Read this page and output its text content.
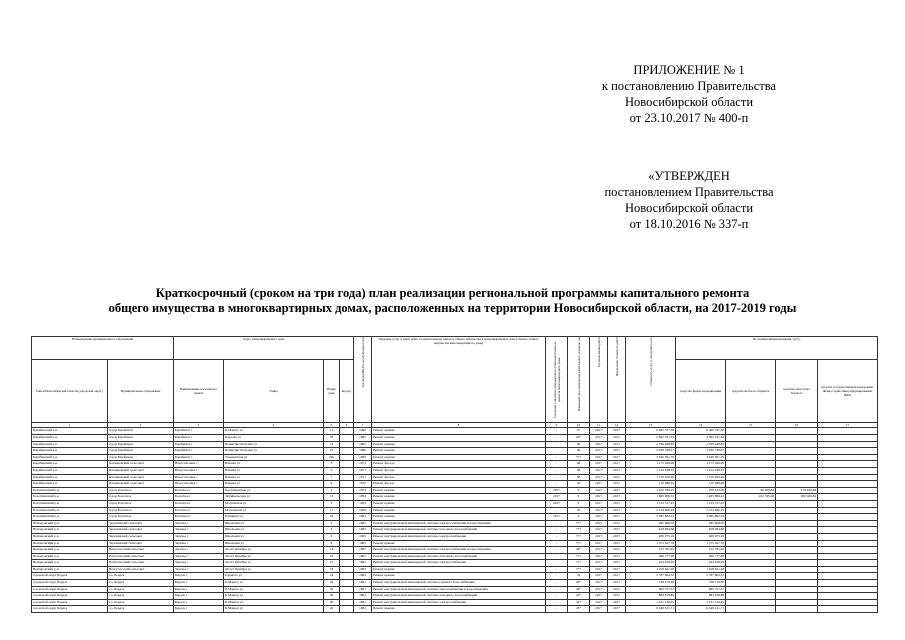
ПРИЛОЖЕНИЕ № 1
к постановлению Правительства
Новосибирской области
от 23.10.2017 № 400-п
«УТВЕРЖДЕН
постановлением Правительства
Новосибирской области
от 18.10.2016 № 337-п
Краткосрочный (сроком на три года) план реализации региональной программы капитального ремонта
общего имущества в многоквартирных домах, расположенных на территории Новосибирской области, на 2017-2019 годы
Наименование муниципального образования		Адрес многоквартирного дома				Год ввода МКД в эксплуатацию (год)	Перечень услуг и (или) работ по капитальному ремонту общего имущества в многоквартирном доме (объекта общего имущества многоквартирного дома)	Сведения о наличии утвержденного плана капитального ремонта многоквартирного дома	Плановый срок проведения капитального ремонта, год	Год выполнения работ	Предельная стоимость работ	Стоимость услуг и (или) работ, руб.	Источники финансирования, (руб.)			
Район Новосибирской области (городской округ)	Муниципальное образование	Наименование населенного пункта	Улица	Номер дома	Корпус								средства фонда модернизации	средства местного бюджета	средства областного бюджета	средства государственной корпорации - Фонда содействия реформированию ЖКХ
1	2	3	4	5	6	7	8	9	10	11	12	13	14	15	16	17
Барабинский р-н	город Барабинск	Барабинск г	К.Маркса ул	1 б		1966	Ремонт крыши	-	47	2017	2017	6 065 337,38	6 065 337,38			
Барабинский р-н	город Барабинск	Барабинск г	Карлова ул	79		1965	Ремонт крыши	-	457	2017	2017	2 662 231,54	2 662 231,54			
Барабинский р-н	город Барабинск	Барабинск г	Коммунистическая ул	14		1965	Ремонт крыши	-	49	2017	2017	2 799 448,85	2 799 448,85			
Барабинский р-н	город Барабинск	Барабинск г	Коммунистическая ул	16		1966	Ремонт крыши	-	49	2017	2017	3 029 748,07	3 029 748,07			
Барабинский р-н	город Барабинск	Барабинск г	Ульяновская ул	29а		1969	Ремонт крыши	-	777	2017	2017	3 046 591,79	3 046 591,79			
Барабинский р-н	Казанцевский сельсовет	Новоспасовка с	Южная ул	3		1971	Ремонт фасада	-	48	2017	2017	1 175 049,96	1 175 049,96			
Барабинский р-н	Казанцевский сельсовет	Новоспасовка с	Южная ул	5		1971	Ремонт фасада	-	58	2017	2017	1 214 048,55	1 214 048,55			
Барабинский р-н	Казанцевский сельсовет	Новоспасовка с	Южная ул	7		1971	Ремонт фасада	-	58	2017	2017	1 519 929,26	1 519 929,26			
Барабинский р-н	Казанцевский сельсовет	Новоспасовка с	Южная ул	9		1975	Ремонт фасада	-	45	2017	2017	710 488,49	710 488,49			
Болотнинский р-н	город Болотное	Болотное г	Бассейновская ул	2		1974	Ремонт крыши	2017	9	2017	2017	1 222 336,23	950 433,20	69 209,84	179 936,69	
Болотнинский р-н	город Болотное	Болотное г	Забайкальская ул	13		1954	Ремонт крыши	2017	9	2017	2017	1 865 908,55	1 465 868,22	102 535,06	260 406,84	
Болотнинский р-н	город Болотное	Болотное г	Московская ул	4		1955	Ремонт крыши	2017	9	2017	2017	1 133 517,45	1 133 517,45			
Болотнинский р-н	город Болотное	Болотное г	Московская ул	11		1956	Ремонт крыши	-	55	2017	2017	2 314 406,19	2 314 406,19			
Болотнинский р-н	город Болотное	Болотное г	Пушкина ул	19		1963	Ремонт крыши	2017	9	2017	2017	3 085 862,24	3 085 862,24			
Венгеровский р-н	Заречинский сельсовет	Заречье с	Школьная ул	2		1965	Ремонт внутридомовой инженерной системы электроснабжения и водоотведения	-	777	2017	2017	285 608,56	285 608,56			
Венгеровский р-н	Заречинский сельсовет	Заречье с	Школьная ул	4		1965	Ремонт внутридомовой инженерной системы холодного водоснабжения	-	777	2017	2017	618 284,68	618 284,68			
Венгеровский р-н	Заречинский сельсовет	Заречье с	Школьная ул	6		1965	Ремонт внутридомовой инженерной системы электроснабжения	-	777	2017	2017	469 975,16	469 975,16			
Венгеровский р-н	Заречинский сельсовет	Заречье с	Школьная ул	8		1965	Ремонт крыши	-	777	2017	2017	1 575 027,76	1 575 027,76			
Венгеровский р-н	Новоспасский сельсовет	Заречье с	40 лет Октября ул	14		1967	Ремонт внутридомовой инженерной системы электроснабжения и водоотведения	-	46*	2017	2017	152 781,92	152 781,92			
Венгеровский р-н	Новоспасский сельсовет	Заречье с	40 лет Октября ул	16		1967	Ремонт внутридомовой инженерной системы холодного водоснабжения	-	777	2017	2017	466 777,08	466 777,08			
Венгеровский р-н	Новоспасский сельсовет	Заречье с	40 лет Октября ул	12		1962	Ремонт внутридомовой инженерной системы электроснабжения	-	72*	2017	2017	444 458,26	444 458,26			
Венгеровский р-н	Новоспасский сельсовет	Заречье с	40 лет Октября ул	18		1963	Ремонт крыши	-	77*	2017	2017	1 918 621,28	1 918 621,28			
городской округ Бердск	г.о. Бердск	Бердск г	Горького ул	18		1963	Ремонт крыши	-	35	2017	2017	2 787 604,52	2 787 604,52			
городской округ Бердск	г.о. Бердск	Бердск г	К.Маркса ул	22		1961	Ремонт внутридомовой инженерной системы горячего водоснабжения	-	46*	2017	2017	738 170,90	738 170,90			
городской округ Бердск	г.о. Бердск	Бердск г	К.Маркса ул	22		1961	Ремонт внутридомовой инженерной системы теплоснабжения и водоотведения	-	46*	2017	2017	663 757,57	663 757,57			
городской округ Бердск	г.о. Бердск	Бердск г	К.Маркса ул	20		1961	Ремонт внутридомовой инженерной системы холодного водоснабжения	-	45*	2017	2017	884 618,89	884 618,89			
городской округ Бердск	г.о. Бердск	Бердск г	К.Маркса ул	20		1961	Ремонт внутридомовой инженерной системы электроснабжения	-	45*	2017	2017	1 101 139,45	1 101 139,45			
городской округ Бердск	г.о. Бердск	Бердск г	К.Маркса ул	20		1961	Ремонт крыши	-	45*	2017	2017	6 649 121,71	6 649 121,71			
